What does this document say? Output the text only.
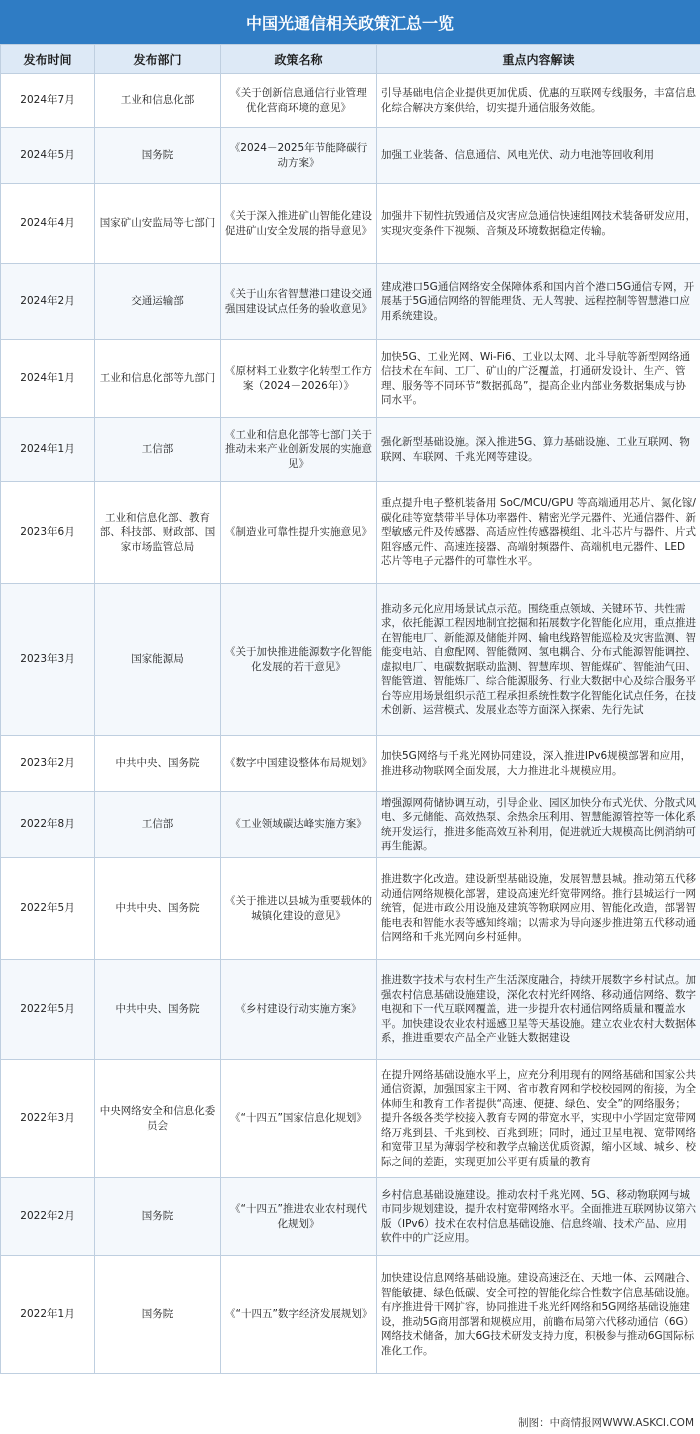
中国光通信相关政策汇总一览
发布时间	发布部门	政策名称	重点内容解读
2024年7月	工业和信息化部	《关于创新信息通信行业管理 优化营商环境的意见》	引导基础电信企业提供更加优质、优惠的互联网专线服务，丰富信息化综合解决方案供给，切实提升通信服务效能。
2024年5月	国务院	《2024－2025年节能降碳行动方案》	加强工业装备、信息通信、风电光伏、动力电池等回收利用
2024年4月	国家矿山安监局等七部门	《关于深入推进矿山智能化建设促进矿山安全发展的指导意见》	加强井下韧性抗毁通信及灾害应急通信快速组网技术装备研发应用，实现灾变条件下视频、音频及环境数据稳定传输。
2024年2月	交通运输部	《关于山东省智慧港口建设交通强国建设试点任务的验收意见》	建成港口5G通信网络安全保障体系和国内首个港口5G通信专网，开展基于5G通信网络的智能理货、无人驾驶、远程控制等智慧港口应用系统建设。
2024年1月	工业和信息化部等九部门	《原材料工业数字化转型工作方案（2024－2026年）》	加快5G、工业光网、Wi-Fi6、工业以太网、北斗导航等新型网络通信技术在车间、工厂、矿山的广泛覆盖，打通研发设计、生产、管理、服务等不同环节“数据孤岛”，提高企业内部业务数据集成与协同水平。
2024年1月	工信部	《工业和信息化部等七部门关于推动未来产业创新发展的实施意见》	强化新型基础设施。深入推进5G、算力基础设施、工业互联网、物联网、车联网、千兆光网等建设。
2023年6月	工业和信息化部、教育部、科技部、财政部、国家市场监管总局	《制造业可靠性提升实施意见》	重点提升电子整机装备用 SoC/MCU/GPU 等高端通用芯片、氮化镓/碳化硅等宽禁带半导体功率器件、精密光学元器件、光通信器件、新型敏感元件及传感器、高适应性传感器模组、北斗芯片与器件、片式阻容感元件、高速连接器、高端射频器件、高端机电元器件、LED 芯片等电子元器件的可靠性水平。
2023年3月	国家能源局	《关于加快推进能源数字化智能化发展的若干意见》	推动多元化应用场景试点示范。围绕重点领域、关键环节、共性需求，依托能源工程因地制宜挖掘和拓展数字化智能化应用，重点推进在智能电厂、新能源及储能并网、输电线路智能巡检及灾害监测、智能变电站、自愈配网、智能微网、氢电耦合、分布式能源智能调控、虚拟电厂、电碳数据联动监测、智慧库坝、智能煤矿、智能油气田、智能管道、智能炼厂、综合能源服务、行业大数据中心及综合服务平台等应用场景组织示范工程承担系统性数字化智能化试点任务，在技术创新、运营模式、发展业态等方面深入探索、先行先试
2023年2月	中共中央、国务院	《数字中国建设整体布局规划》	加快5G网络与千兆光网协同建设，深入推进IPv6规模部署和应用，推进移动物联网全面发展，大力推进北斗规模应用。
2022年8月	工信部	《工业领域碳达峰实施方案》	增强源网荷储协调互动，引导企业、园区加快分布式光伏、分散式风电、多元储能、高效热泵、余热余压利用、智慧能源管控等一体化系统开发运行，推进多能高效互补利用，促进就近大规模高比例消纳可再生能源。
2022年5月	中共中央、国务院	《关于推进以县城为重要载体的城镇化建设的意见》	推进数字化改造。建设新型基础设施，发展智慧县城。推动第五代移动通信网络规模化部署，建设高速光纤宽带网络。推行县城运行一网统管，促进市政公用设施及建筑等物联网应用、智能化改造，部署智能电表和智能水表等感知终端；以需求为导向逐步推进第五代移动通信网络和千兆光网向乡村延伸。
2022年5月	中共中央、国务院	《乡村建设行动实施方案》	推进数字技术与农村生产生活深度融合，持续开展数字乡村试点。加强农村信息基础设施建设，深化农村光纤网络、移动通信网络、数字电视和下一代互联网覆盖，进一步提升农村通信网络质量和覆盖水平。加快建设农业农村遥感卫星等天基设施。建立农业农村大数据体系，推进重要农产品全产业链大数据建设
2022年3月	中央网络安全和信息化委员会	《“十四五”国家信息化规划》	在提升网络基础设施水平上，应充分利用现有的网络基础和国家公共通信资源，加强国家主干网、省市教育网和学校校园网的衔接，为全体师生和教育工作者提供“高速、便捷、绿色、安全”的网络服务；提升各级各类学校接入教育专网的带宽水平，实现中小学固定宽带网络万兆到县、千兆到校、百兆到班；同时，通过卫星电视、宽带网络和宽带卫星为薄弱学校和教学点输送优质资源，缩小区域、城乡、校际之间的差距，实现更加公平更有质量的教育
2022年2月	国务院	《“十四五”推进农业农村现代化规划》	乡村信息基础设施建设。推动农村千兆光网、5G、移动物联网与城市同步规划建设，提升农村宽带网络水平。全面推进互联网协议第六版（IPv6）技术在农村信息基础设施、信息终端、技术产品、应用软件中的广泛应用。
2022年1月	国务院	《“十四五”数字经济发展规划》	加快建设信息网络基础设施。建设高速泛在、天地一体、云网融合、智能敏捷、绿色低碳、安全可控的智能化综合性数字信息基础设施。有序推进骨干网扩容，协同推进千兆光纤网络和5G网络基础设施建设，推动5G商用部署和规模应用，前瞻布局第六代移动通信（6G）网络技术储备，加大6G技术研发支持力度，积极参与推动6G国际标准化工作。
制图：中商情报网WWW.ASKCI.COM
